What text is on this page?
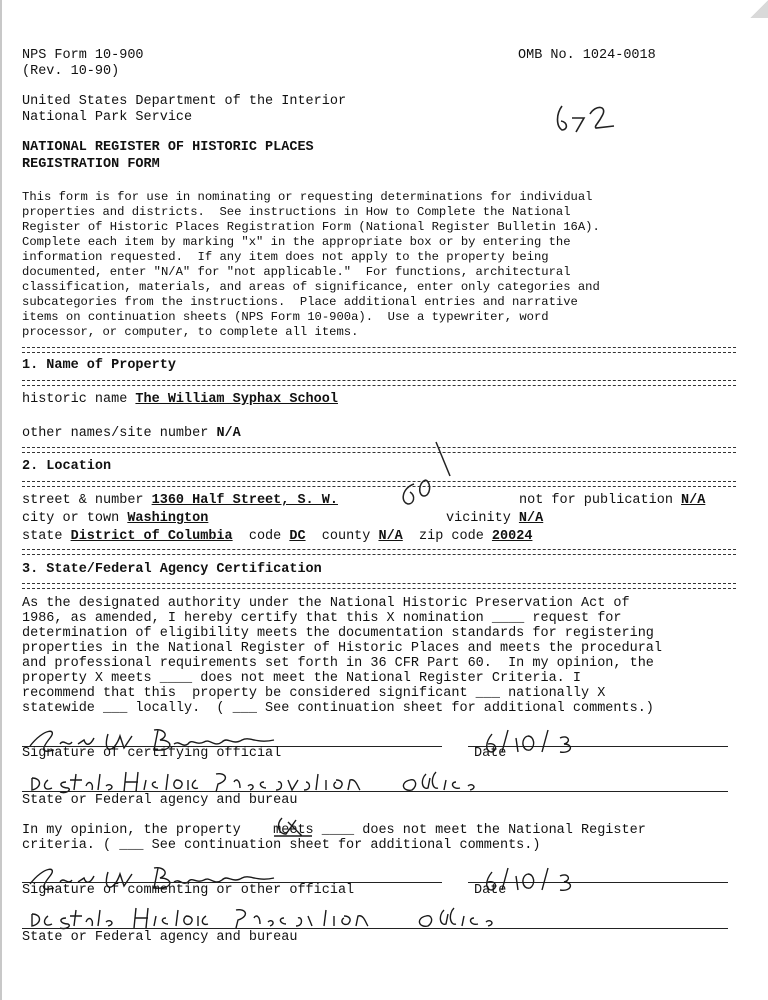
NPS Form 10-900
(Rev. 10-90)
OMB No. 1024-0018
United States Department of the Interior
National Park Service
NATIONAL REGISTER OF HISTORIC PLACES
REGISTRATION FORM
This form is for use in nominating or requesting determinations for individual
properties and districts.  See instructions in How to Complete the National
Register of Historic Places Registration Form (National Register Bulletin 16A).
Complete each item by marking "x" in the appropriate box or by entering the
information requested.  If any item does not apply to the property being
documented, enter "N/A" for "not applicable."  For functions, architectural
classification, materials, and areas of significance, enter only categories and
subcategories from the instructions.  Place additional entries and narrative
items on continuation sheets (NPS Form 10-900a).  Use a typewriter, word
processor, or computer, to complete all items.
1. Name of Property
historic name The William Syphax School
other names/site number N/A
2. Location
street & number 1360 Half Street, S. W.	not for publication N/A
city or town Washington	vicinity N/A
state District of Columbia code DC county N/A zip code 20024
3. State/Federal Agency Certification
As the designated authority under the National Historic Preservation Act of
1986, as amended, I hereby certify that this X nomination ____ request for
determination of eligibility meets the documentation standards for registering
properties in the National Register of Historic Places and meets the procedural
and professional requirements set forth in 36 CFR Part 60.  In my opinion, the
property X meets ____ does not meet the National Register Criteria. I
recommend that this  property be considered significant ___ nationally X
statewide ___ locally.  ( ___ See continuation sheet for additional comments.)
Signature of certifying official	Date
State or Federal agency and bureau
In my opinion, the property    meets ____ does not meet the National Register
criteria. ( ___ See continuation sheet for additional comments.)
Signature of commenting or other official	Date
State or Federal agency and bureau
